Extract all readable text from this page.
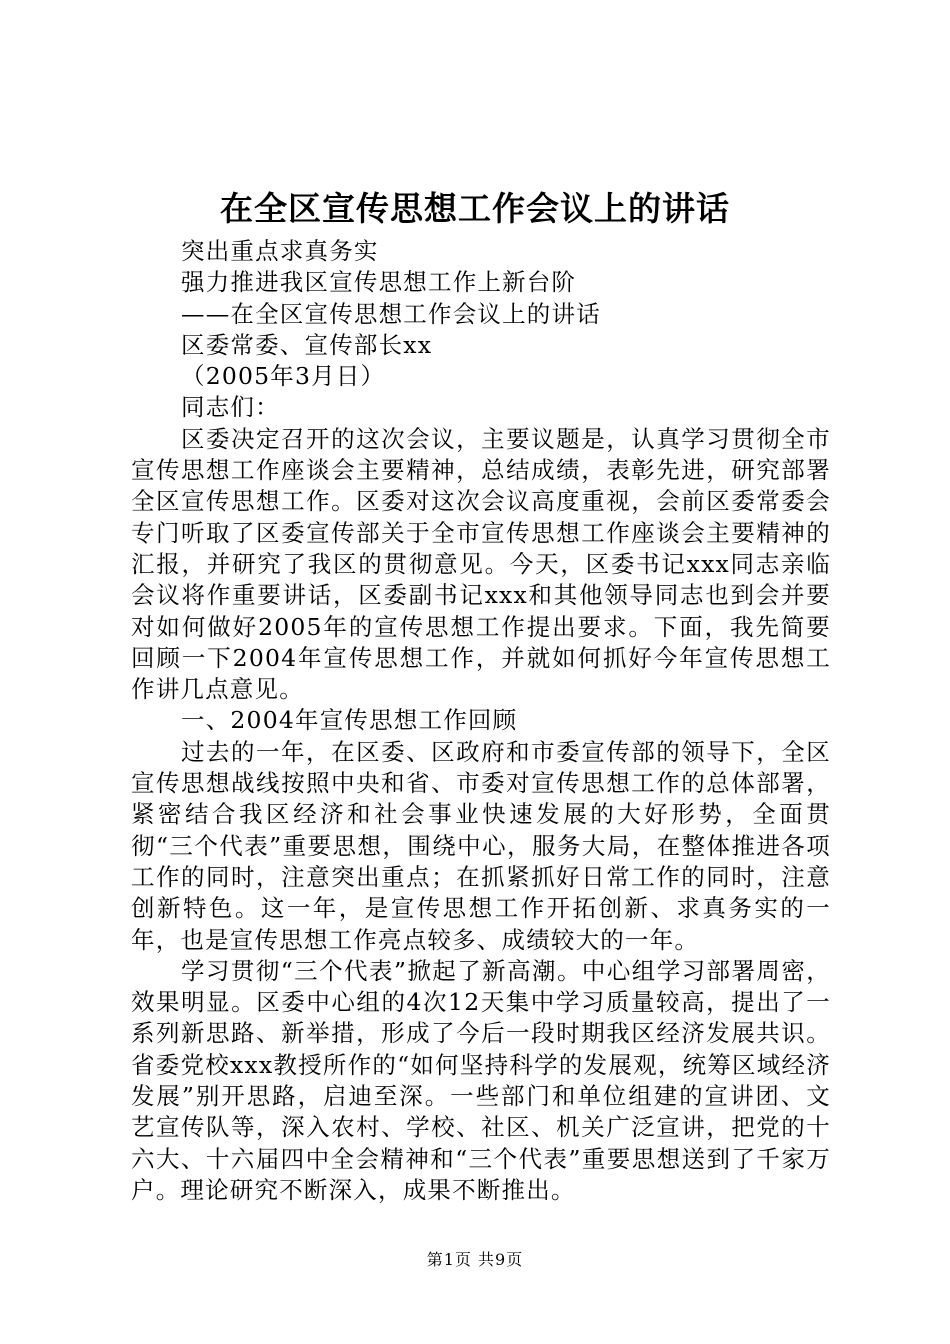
在全区宣传思想工作会议上的讲话

突出重点求真务实

强力推进我区宣传思想工作上新台阶

——在全区宣传思想工作会议上的讲话

区委常委、宣传部长xx

（2005年3月日）

同志们：

区委决定召开的这次会议，主要议题是，认真学习贯彻全市宣传思想工作座谈会主要精神，总结成绩，表彰先进，研究部署全区宣传思想工作。区委对这次会议高度重视，会前区委常委会专门听取了区委宣传部关于全市宣传思想工作座谈会主要精神的汇报，并研究了我区的贯彻意见。今天，区委书记xxx同志亲临会议将作重要讲话，区委副书记xxx和其他领导同志也到会并要对如何做好2005年的宣传思想工作提出要求。下面，我先简要回顾一下2004年宣传思想工作，并就如何抓好今年宣传思想工作讲几点意见。

一、2004年宣传思想工作回顾

过去的一年，在区委、区政府和市委宣传部的领导下，全区宣传思想战线按照中央和省、市委对宣传思想工作的总体部署，紧密结合我区经济和社会事业快速发展的大好形势，全面贯彻“三个代表”重要思想，围绕中心，服务大局，在整体推进各项工作的同时，注意突出重点；在抓紧抓好日常工作的同时，注意创新特色。这一年，是宣传思想工作开拓创新、求真务实的一年，也是宣传思想工作亮点较多、成绩较大的一年。

学习贯彻“三个代表”掀起了新高潮。中心组学习部署周密，效果明显。区委中心组的4次12天集中学习质量较高，提出了一系列新思路、新举措，形成了今后一段时期我区经济发展共识。省委党校xxx教授所作的“如何坚持科学的发展观，统筹区域经济发展”别开思路，启迪至深。一些部门和单位组建的宣讲团、文艺宣传队等，深入农村、学校、社区、机关广泛宣讲，把党的十六大、十六届四中全会精神和“三个代表”重要思想送到了千家万户。理论研究不断深入，成果不断推出。

第1页 共9页
